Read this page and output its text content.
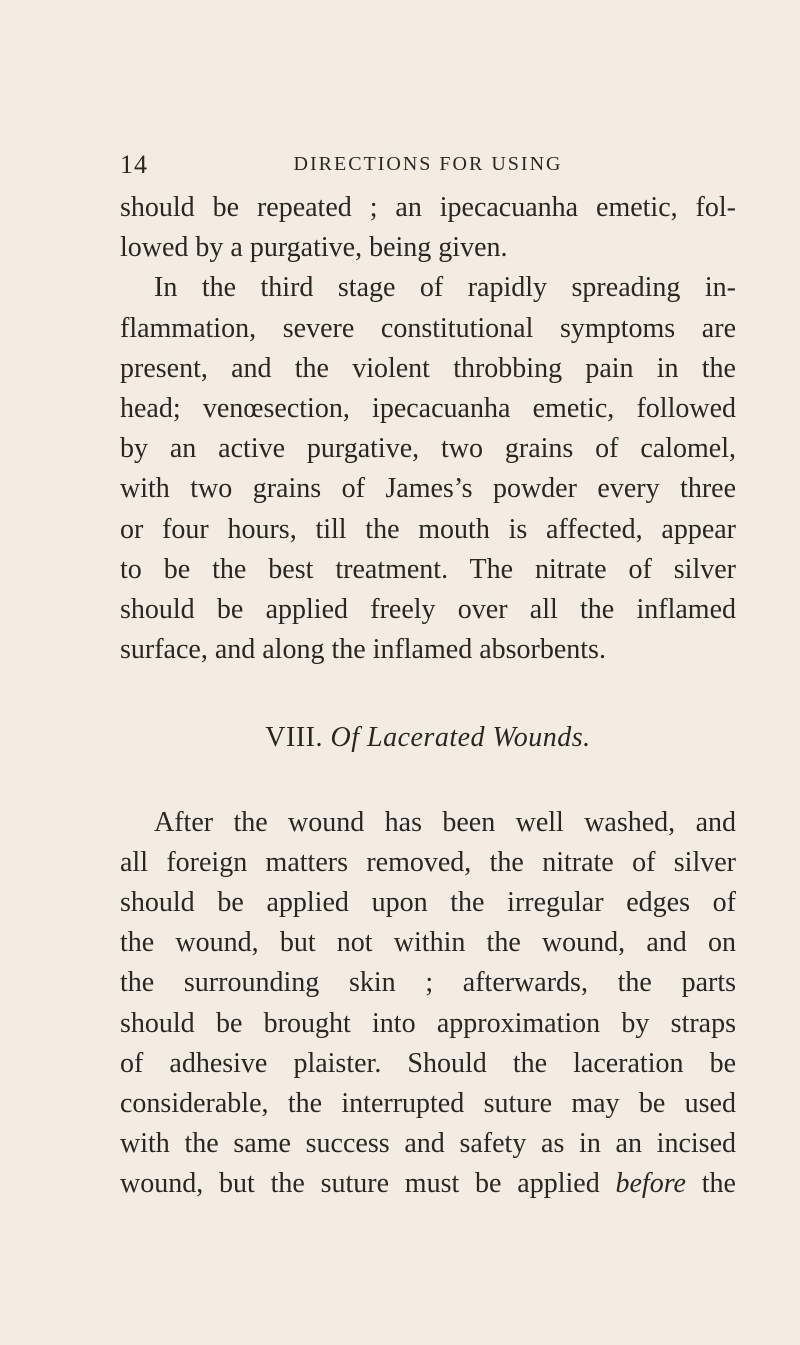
14	DIRECTIONS FOR USING

should be repeated ; an ipecacuanha emetic, fol-
lowed by a purgative, being given.

In the third stage of rapidly spreading in-
flammation, severe constitutional symptoms are
present, and the violent throbbing pain in the
head; venœsection, ipecacuanha emetic, followed
by an active purgative, two grains of calomel,
with two grains of James’s powder every three
or four hours, till the mouth is affected, appear
to be the best treatment. The nitrate of silver
should be applied freely over all the inflamed
surface, and along the inflamed absorbents.

VIII. Of Lacerated Wounds.

After the wound has been well washed, and
all foreign matters removed, the nitrate of silver
should be applied upon the irregular edges of
the wound, but not within the wound, and on
the surrounding skin ; afterwards, the parts
should be brought into approximation by straps
of adhesive plaister. Should the laceration be
considerable, the interrupted suture may be used
with the same success and safety as in an incised
wound, but the suture must be applied before the
